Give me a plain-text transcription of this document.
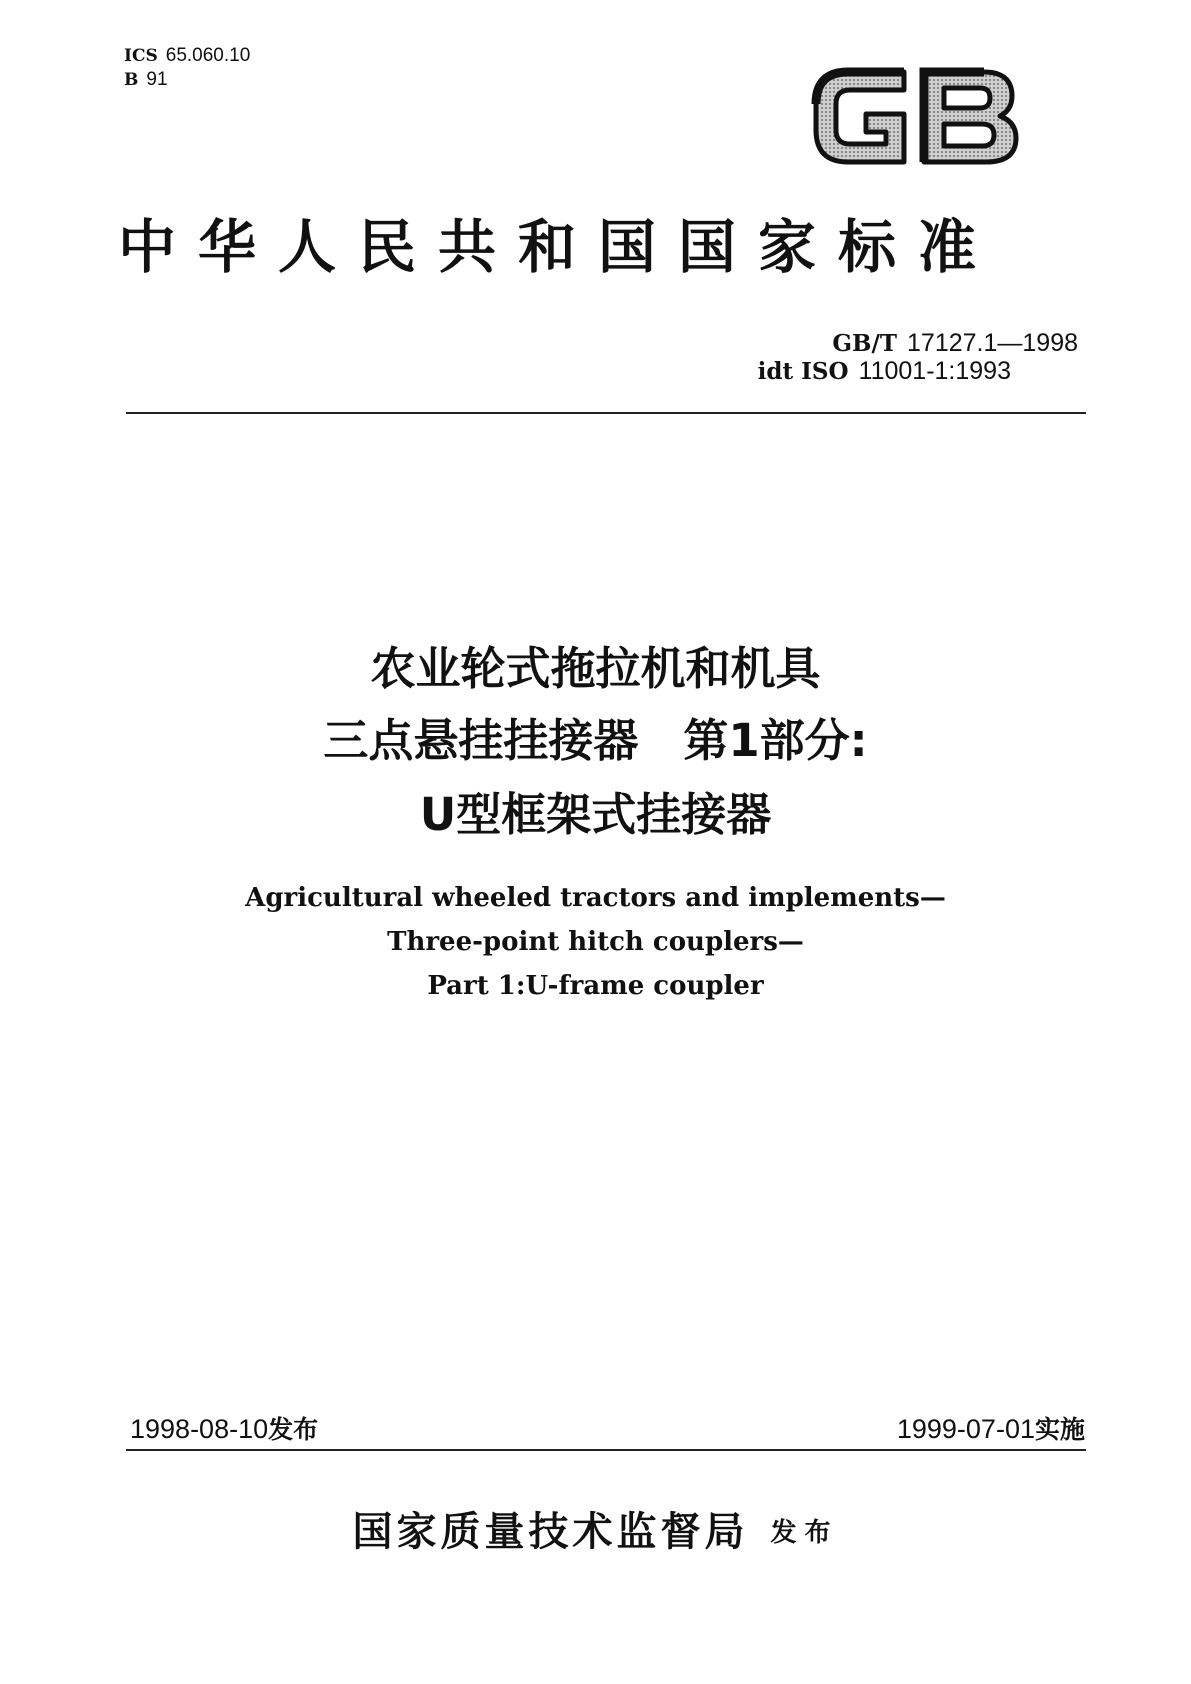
ICS 65.060.10
B 91
中华人民共和国国家标准
GB/T 17127.1—1998
idt ISO 11001-1:1993
农业轮式拖拉机和机具
三点悬挂挂接器　第1部分:
U型框架式挂接器
Agricultural wheeled tractors and implements—
Three-point hitch couplers—
Part 1:U-frame coupler
1998-08-10发布	1999-07-01实施
国家质量技术监督局 发布
